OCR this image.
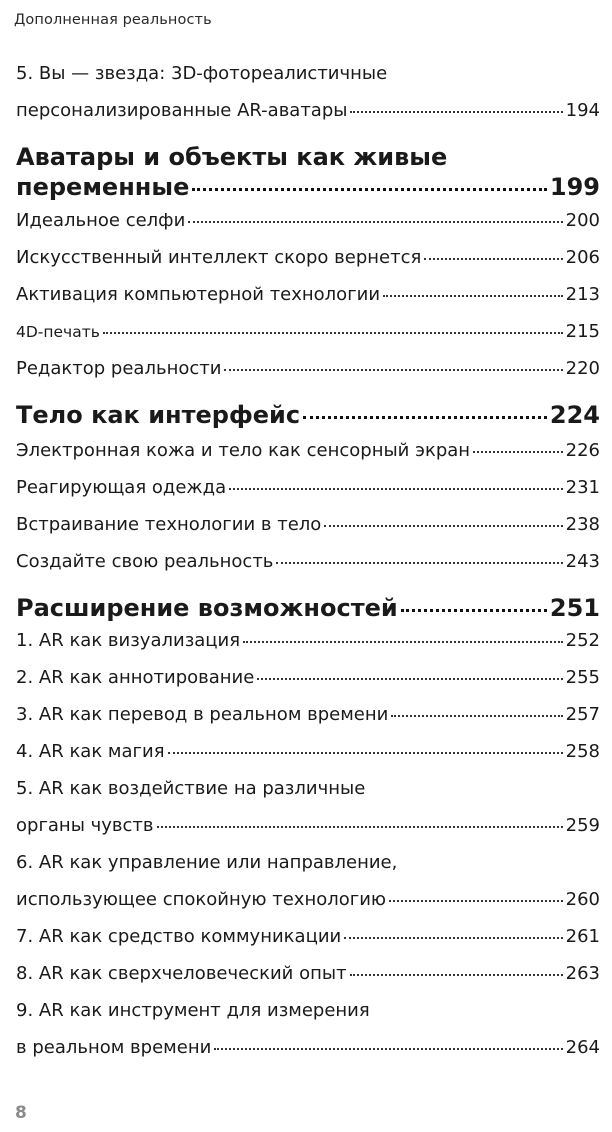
Дополненная реальность
5. Вы — звезда: 3D-фотореалистичные
персонализированные AR-аватары	194
Аватары и объекты как живые
переменные	199
Идеальное селфи	200
Искусственный интеллект скоро вернется	206
Активация компьютерной технологии	213
4D-печать	215
Редактор реальности	220
Тело как интерфейс	224
Электронная кожа и тело как сенсорный экран	226
Реагирующая одежда	231
Встраивание технологии в тело	238
Создайте свою реальность	243
Расширение возможностей	251
1. AR как визуализация	252
2. AR как аннотирование	255
3. AR как перевод в реальном времени	257
4. AR как магия	258
5. AR как воздействие на различные
органы чувств	259
6. AR как управление или направление,
использующее спокойную технологию	260
7. AR как средство коммуникации	261
8. AR как сверхчеловеческий опыт	263
9. AR как инструмент для измерения
в реальном времени	264
8
